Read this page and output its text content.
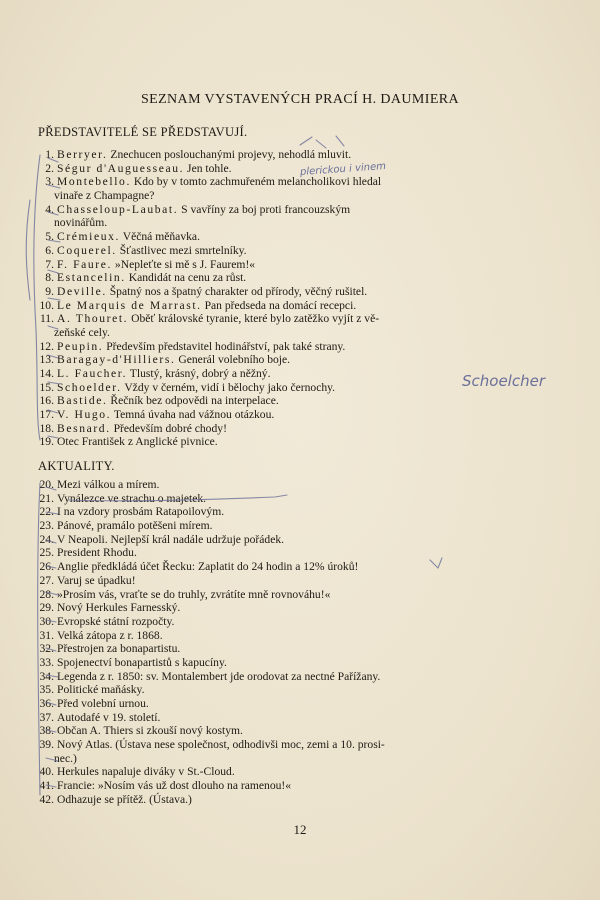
SEZNAM VYSTAVENÝCH PRACÍ H. DAUMIERA
PŘEDSTAVITELÉ SE PŘEDSTAVUJÍ.
1. Berryer. Znechucen poslouchanými projevy, nehodlá mluvit.
2. Ségur d'Auguesseau. Jen tohle.
3. Montebello. Kdo by v tomto zachmuřeném melancholikovi hledal
vinaře z Champagne?
4. Chasseloup-Laubat. S vavříny za boj proti francouzským
novinářům.
5. Crémieux. Věčná měňavka.
6. Coquerel. Šťastlivec mezi smrtelníky.
7. F. Faure. »Nepleťte si mě s J. Faurem!«
8. Estancelin. Kandidát na cenu za růst.
9. Deville. Špatný nos a špatný charakter od přírody, věčný rušitel.
10. Le Marquis de Marrast. Pan předseda na domácí recepci.
11. A. Thouret. Oběť královské tyranie, které bylo zatěžko vyjít z vě-
zeňské cely.
12. Peupin. Především představitel hodinářství, pak také strany.
13. Baragay-d'Hilliers. Generál volebního boje.
14. L. Faucher. Tlustý, krásný, dobrý a něžný.
15. Schoelder. Vždy v černém, vidí i bělochy jako černochy.
16. Bastide. Řečník bez odpovědi na interpelace.
17. V. Hugo. Temná úvaha nad vážnou otázkou.
18. Besnard. Především dobré chody!
19. Otec František z Anglické pivnice.
AKTUALITY.
20. Mezi válkou a mírem.
21. Vynálezce ve strachu o majetek.
22. I na vzdory prosbám Ratapoilovým.
23. Pánové, pramálo potěšeni mírem.
24. V Neapoli. Nejlepší král nadále udržuje pořádek.
25. President Rhodu.
26. Anglie předkládá účet Řecku: Zaplatit do 24 hodin a 12% úroků!
27. Varuj se úpadku!
28. »Prosím vás, vraťte se do truhly, zvrátíte mně rovnováhu!«
29. Nový Herkules Farnesský.
30. Evropské státní rozpočty.
31. Velká zátopa z r. 1868.
32. Přestrojen za bonapartistu.
33. Spojenectví bonapartistů s kapucíny.
34. Legenda z r. 1850: sv. Montalembert jde orodovat za nectné Pařížany.
35. Politické maňásky.
36. Před volební urnou.
37. Autodafé v 19. století.
38. Občan A. Thiers si zkouší nový kostym.
39. Nový Atlas. (Ústava nese společnost, odhodivši moc, zemi a 10. prosi-
nec.)
40. Herkules napaluje diváky v St.-Cloud.
41. Francie: »Nosím vás už dost dlouho na ramenou!«
42. Odhazuje se přítěž. (Ústava.)
12
Schoelcher
plerickou i vinem
